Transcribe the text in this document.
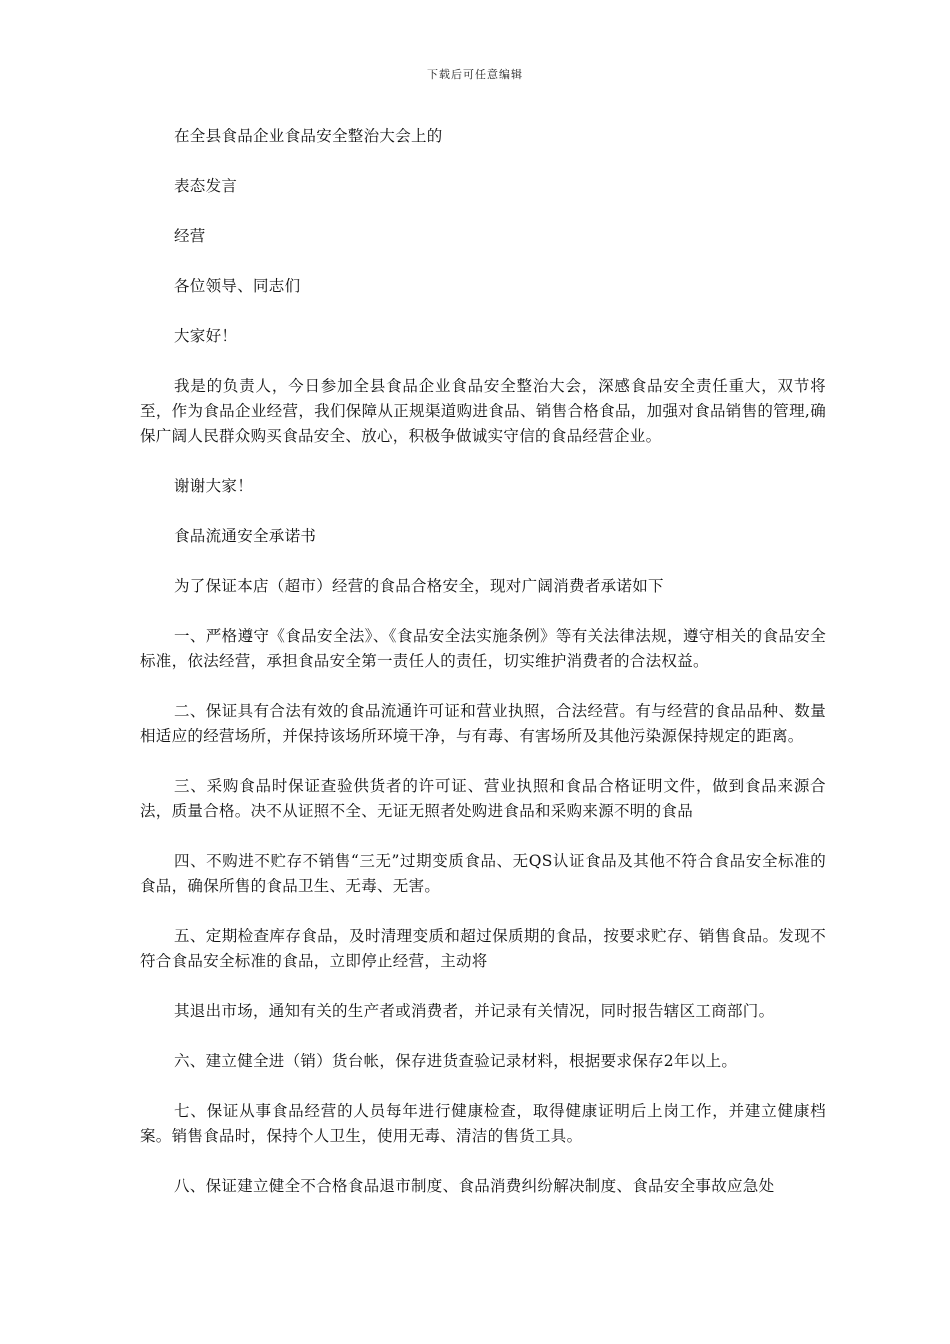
下载后可任意编辑

在全县食品企业食品安全整治大会上的

表态发言

经营

各位领导、同志们

大家好！

我是的负责人，今日参加全县食品企业食品安全整治大会，深感食品安全责任重大，双节将至，作为食品企业经营，我们保障从正规渠道购进食品、销售合格食品，加强对食品销售的管理,确保广阔人民群众购买食品安全、放心，积极争做诚实守信的食品经营企业。

谢谢大家！

食品流通安全承诺书

为了保证本店（超市）经营的食品合格安全，现对广阔消费者承诺如下

一、严格遵守《食品安全法》、《食品安全法实施条例》等有关法律法规，遵守相关的食品安全标准，依法经营，承担食品安全第一责任人的责任，切实维护消费者的合法权益。

二、保证具有合法有效的食品流通许可证和营业执照，合法经营。有与经营的食品品种、数量相适应的经营场所，并保持该场所环境干净，与有毒、有害场所及其他污染源保持规定的距离。

三、采购食品时保证查验供货者的许可证、营业执照和食品合格证明文件，做到食品来源合法，质量合格。决不从证照不全、无证无照者处购进食品和采购来源不明的食品

四、不购进不贮存不销售“三无”过期变质食品、无QS认证食品及其他不符合食品安全标准的食品，确保所售的食品卫生、无毒、无害。

五、定期检查库存食品，及时清理变质和超过保质期的食品，按要求贮存、销售食品。发现不符合食品安全标准的食品，立即停止经营，主动将

其退出市场，通知有关的生产者或消费者，并记录有关情况，同时报告辖区工商部门。

六、建立健全进（销）货台帐，保存进货查验记录材料，根据要求保存2年以上。

七、保证从事食品经营的人员每年进行健康检查，取得健康证明后上岗工作，并建立健康档案。销售食品时，保持个人卫生，使用无毒、清洁的售货工具。

八、保证建立健全不合格食品退市制度、食品消费纠纷解决制度、食品安全事故应急处
